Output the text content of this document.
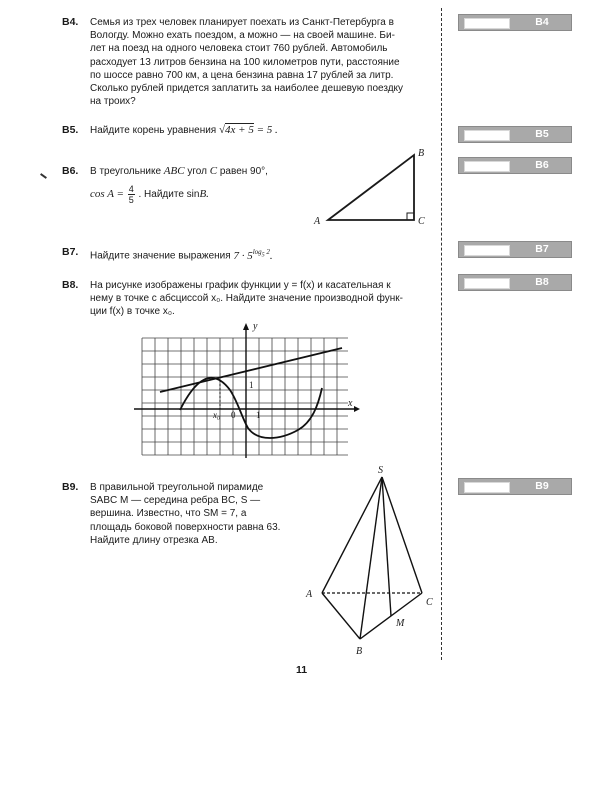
В4. Семья из трех человек планирует поехать из Санкт-Петербурга в
Вологду. Можно ехать поездом, а можно — на своей машине. Би-
лет на поезд на одного человека стоит 760 рублей. Автомобиль
расходует 13 литров бензина на 100 километров пути, расстояние
по шоссе равно 700 км, а цена бензина равна 17 рублей за литр.
Сколько рублей придется заплатить за наиболее дешевую поездку
на троих?
В5. Найдите корень уравнения √4x + 5 = 5 .
В6. В треугольнике ABC угол C равен 90°,
$\cos A = \frac{4}{5}$ . Найдите sinB.
A
B
C
В7. Найдите значение выражения $7 \cdot 5^{log_5 2}$.
В8. На рисунке изображены график функции y = f(x) и касательная к
нему в точке с абсциссой x₀. Найдите значение производной функ-
ции f(x) в точке x₀.
y
x
1
1
0
x₀
В9. В правильной треугольной пирамиде
SABC M — середина ребра BC, S —
вершина. Известно, что SM = 7, а
площадь боковой поверхности равна 63.
Найдите длину отрезка AB.
S
A
C
B
M
В4
В5
В6
В7
В8
В9
11
